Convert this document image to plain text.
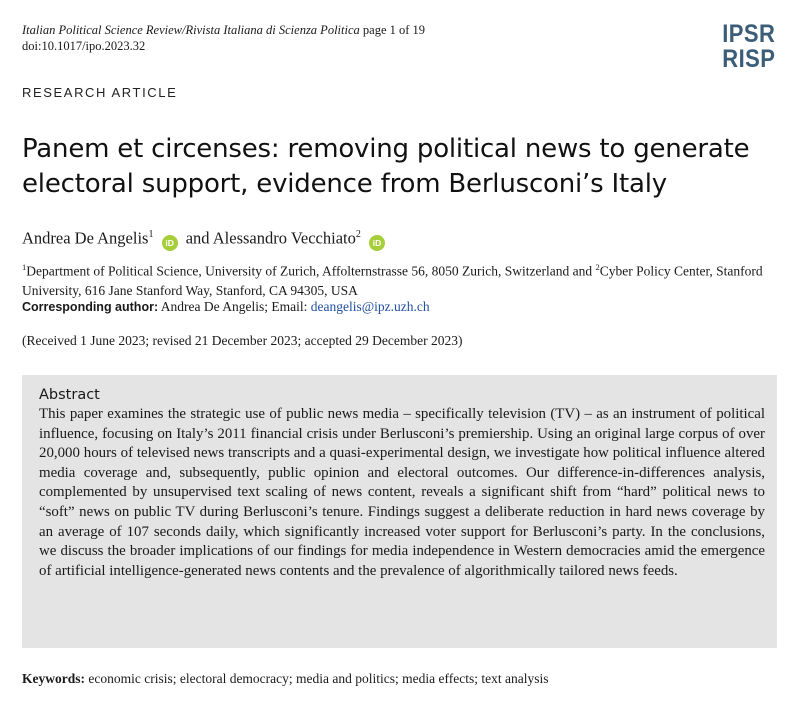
Italian Political Science Review/Rivista Italiana di Scienza Politica page 1 of 19
doi:10.1017/ipo.2023.32	IPSR
RISP
RESEARCH ARTICLE
Panem et circenses: removing political news to generate electoral support, evidence from Berlusconi’s Italy
Andrea De Angelis$^1$ iD and Alessandro Vecchiato$^2$ iD
$^1$Department of Political Science, University of Zurich, Affolternstrasse 56, 8050 Zurich, Switzerland and $^2$Cyber Policy Center, Stanford University, 616 Jane Stanford Way, Stanford, CA 94305, USA
Corresponding author: Andrea De Angelis; Email: deangelis@ipz.uzh.ch
(Received 1 June 2023; revised 21 December 2023; accepted 29 December 2023)
Abstract

This paper examines the strategic use of public news media – specifically television (TV) – as an instrument of political influence, focusing on Italy’s 2011 financial crisis under Berlusconi’s premiership. Using an original large corpus of over 20,000 hours of televised news transcripts and a quasi-experimental design, we investigate how political influence altered media coverage and, subsequently, public opinion and electoral outcomes. Our difference-in-differences analysis, complemented by unsupervised text scaling of news content, reveals a significant shift from “hard” political news to “soft” news on public TV during Berlusconi’s tenure. Findings suggest a deliberate reduction in hard news coverage by an average of 107 seconds daily, which significantly increased voter support for Berlusconi’s party. In the conclusions, we discuss the broader implications of our findings for media independence in Western democracies amid the emergence of artificial intelligence-generated news contents and the prevalence of algorithmically tailored news feeds.

Keywords: economic crisis; electoral democracy; media and politics; media effects; text analysis
